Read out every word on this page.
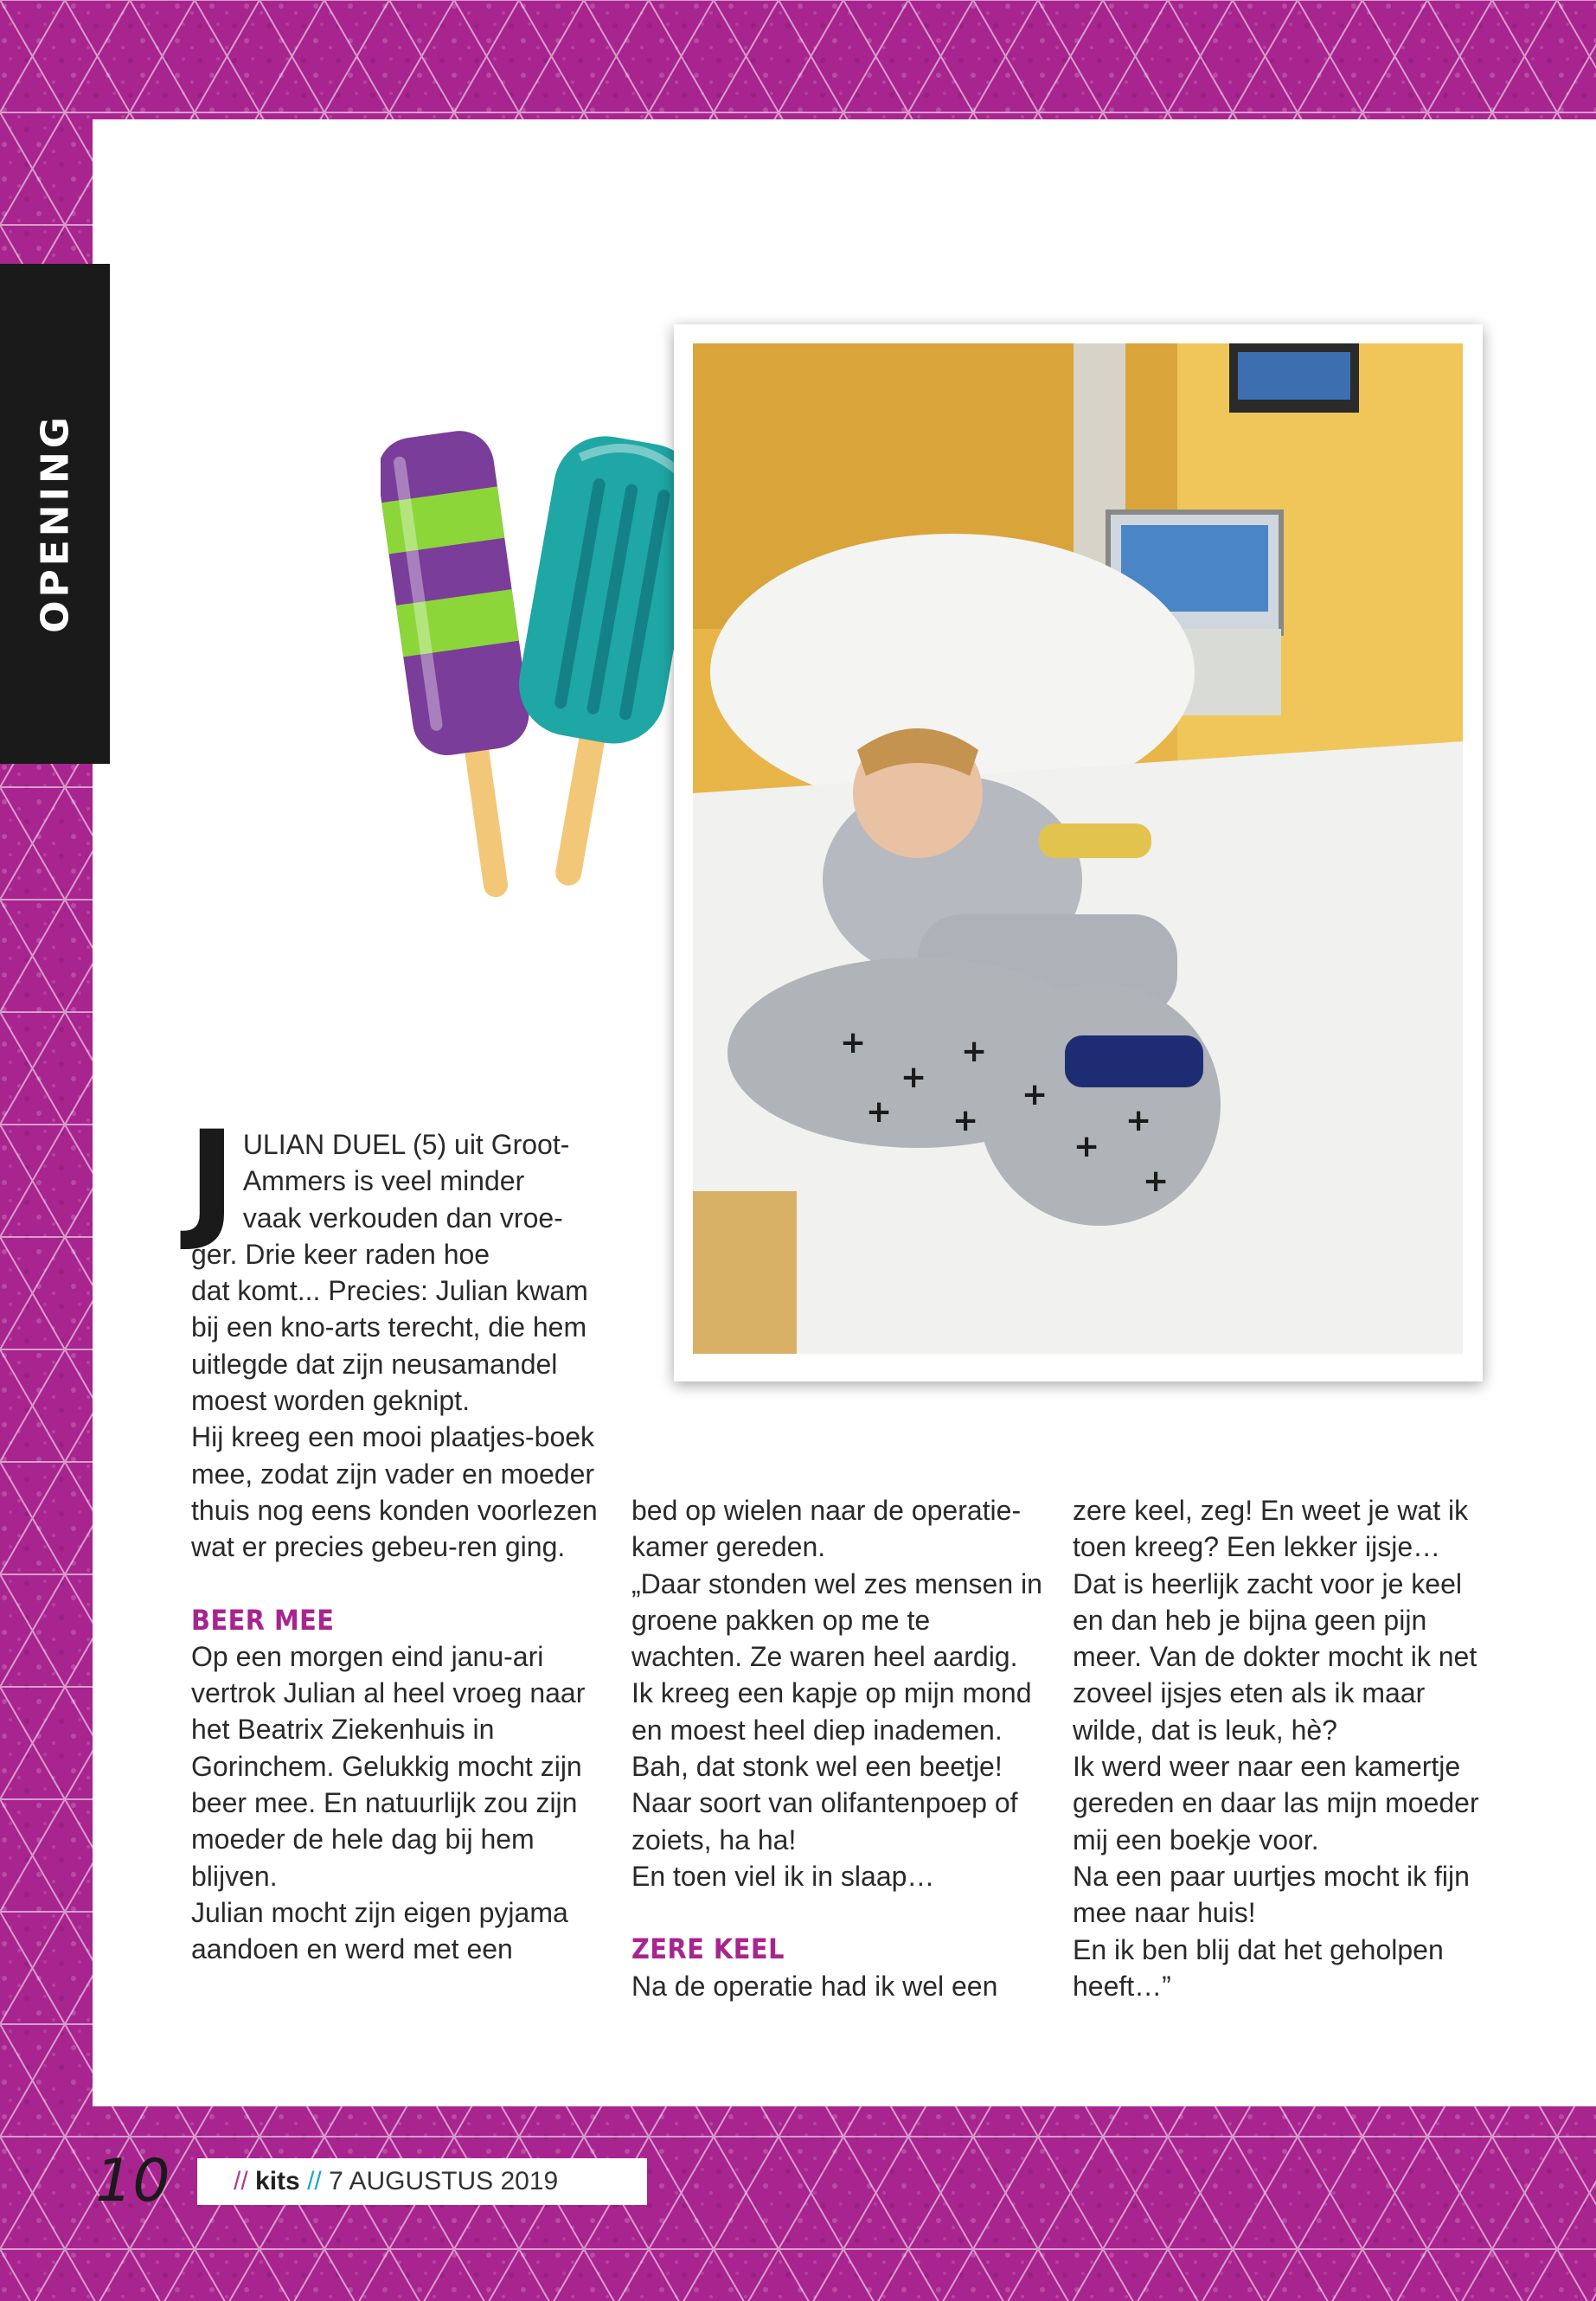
OPENING
+
+
+
+
+
+
+
+ +
J ULIAN DUEL (5) uit Groot-
Ammers is veel minder
vaak verkouden dan vroe-
ger. Drie keer raden hoe
dat komt... Precies: Julian kwam bij een kno-arts terecht, die hem uitlegde dat zijn neusamandel moest worden geknipt.
Hij kreeg een mooi plaatjes-boek mee, zodat zijn vader en moeder thuis nog eens konden voorlezen wat er precies gebeu-ren ging.
BEER MEE
Op een morgen eind janu-ari vertrok Julian al heel vroeg naar het Beatrix Ziekenhuis in Gorinchem. Gelukkig mocht zijn beer mee. En natuurlijk zou zijn moeder de hele dag bij hem blijven.
Julian mocht zijn eigen pyjama aandoen en werd met een
bed op wielen naar de operatie-kamer gereden.
„Daar stonden wel zes mensen in groene pakken op me te wachten. Ze waren heel aardig. Ik kreeg een kapje op mijn mond en moest heel diep inademen. Bah, dat stonk wel een beetje! Naar soort van olifantenpoep of zoiets, ha ha!
En toen viel ik in slaap…
ZERE KEEL
Na de operatie had ik wel een
zere keel, zeg! En weet je wat ik toen kreeg? Een lekker ijsje…
Dat is heerlijk zacht voor je keel en dan heb je bijna geen pijn meer. Van de dokter mocht ik net zoveel ijsjes eten als ik maar wilde, dat is leuk, hè?
Ik werd weer naar een kamertje gereden en daar las mijn moeder mij een boekje voor.
Na een paar uurtjes mocht ik fijn mee naar huis!
En ik ben blij dat het geholpen heeft…”
10 // kits // 7 AUGUSTUS 2019
